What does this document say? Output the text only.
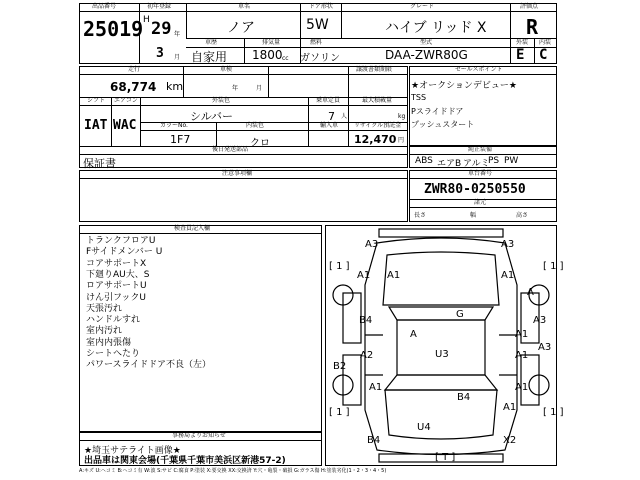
出品番号
25019
初年登録
H 29 年
3 月
車名
ノア
ドア形状
5W
グレード
ハイブ リッド X
評価点
R
外装 内装
E C
車歴
自家用
排気量
1800 cc
燃料
ガソリン
型式
DAA-ZWR80G
走行
68,774 km
車検
年	月
譲渡書類期限
シフト エアコン
IAT WAC
外装色
シルバー
乗車定員
7 人
最大積載量
kg
カラーNo.
1F7
内装色
クロ
輸入車	リサイクル預託金
12,470 円
後日発送部品
保証書
セールスポイント
★オークションデビュー★
TSS
Pスライドドア
プッシュスタート
純正装備
ABS エアB アルミ
PS PW
注意事項欄	車台番号
ZWR80-0250550
諸元
長さ	幅	高さ
検査員記入欄
トランクフロアU
Fサイドメンバー U
コアサポートX
下廻りAU大、S
ロアサポートU
けん引フックU
天張汚れ
ハンドルすれ
室内汚れ
室内内張傷
シートへたり
パワースライドドア不良（左）
事務局よりお知らせ
★埼玉サテライト画像★
出品車は関東会場(千葉県千葉市美浜区新港57-2)
A:キズ U:ヘコミ B:ヘコミ有 W:波 S:サビ C:腐食 P:塗装 X:要交換 XX:交換済 Y:穴・亀裂・破損 G:ガラス傷 H:塗装劣化(1・2・3・4・5)
A3	A3
A1 A1	A1
A
A
G
A3
B4
A3
A1
A2	U3	A1
B2
A1	A1
B4
A1
U4
B4	X2
[ 1 ]	[ 1 ]
[ 1 ]	[ 1 ]
[ T ]
